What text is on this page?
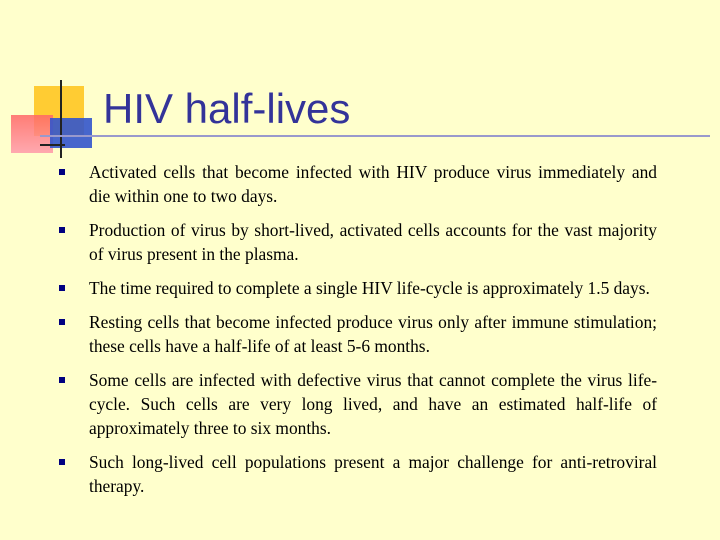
HIV half-lives
Activated cells that become infected with HIV produce virus immediately and die within one to two days.
Production of virus by short-lived, activated cells accounts for the vast majority of virus present in the plasma.
The time required to complete a single HIV life-cycle is approximately 1.5 days.
Resting cells that become infected produce virus only after immune stimulation; these cells have a half-life of at least 5-6 months.
Some cells are infected with defective virus that cannot complete the virus life-cycle. Such cells are very long lived, and have an estimated half-life of approximately three to six months.
Such long-lived cell populations present a major challenge for anti-retroviral therapy.
